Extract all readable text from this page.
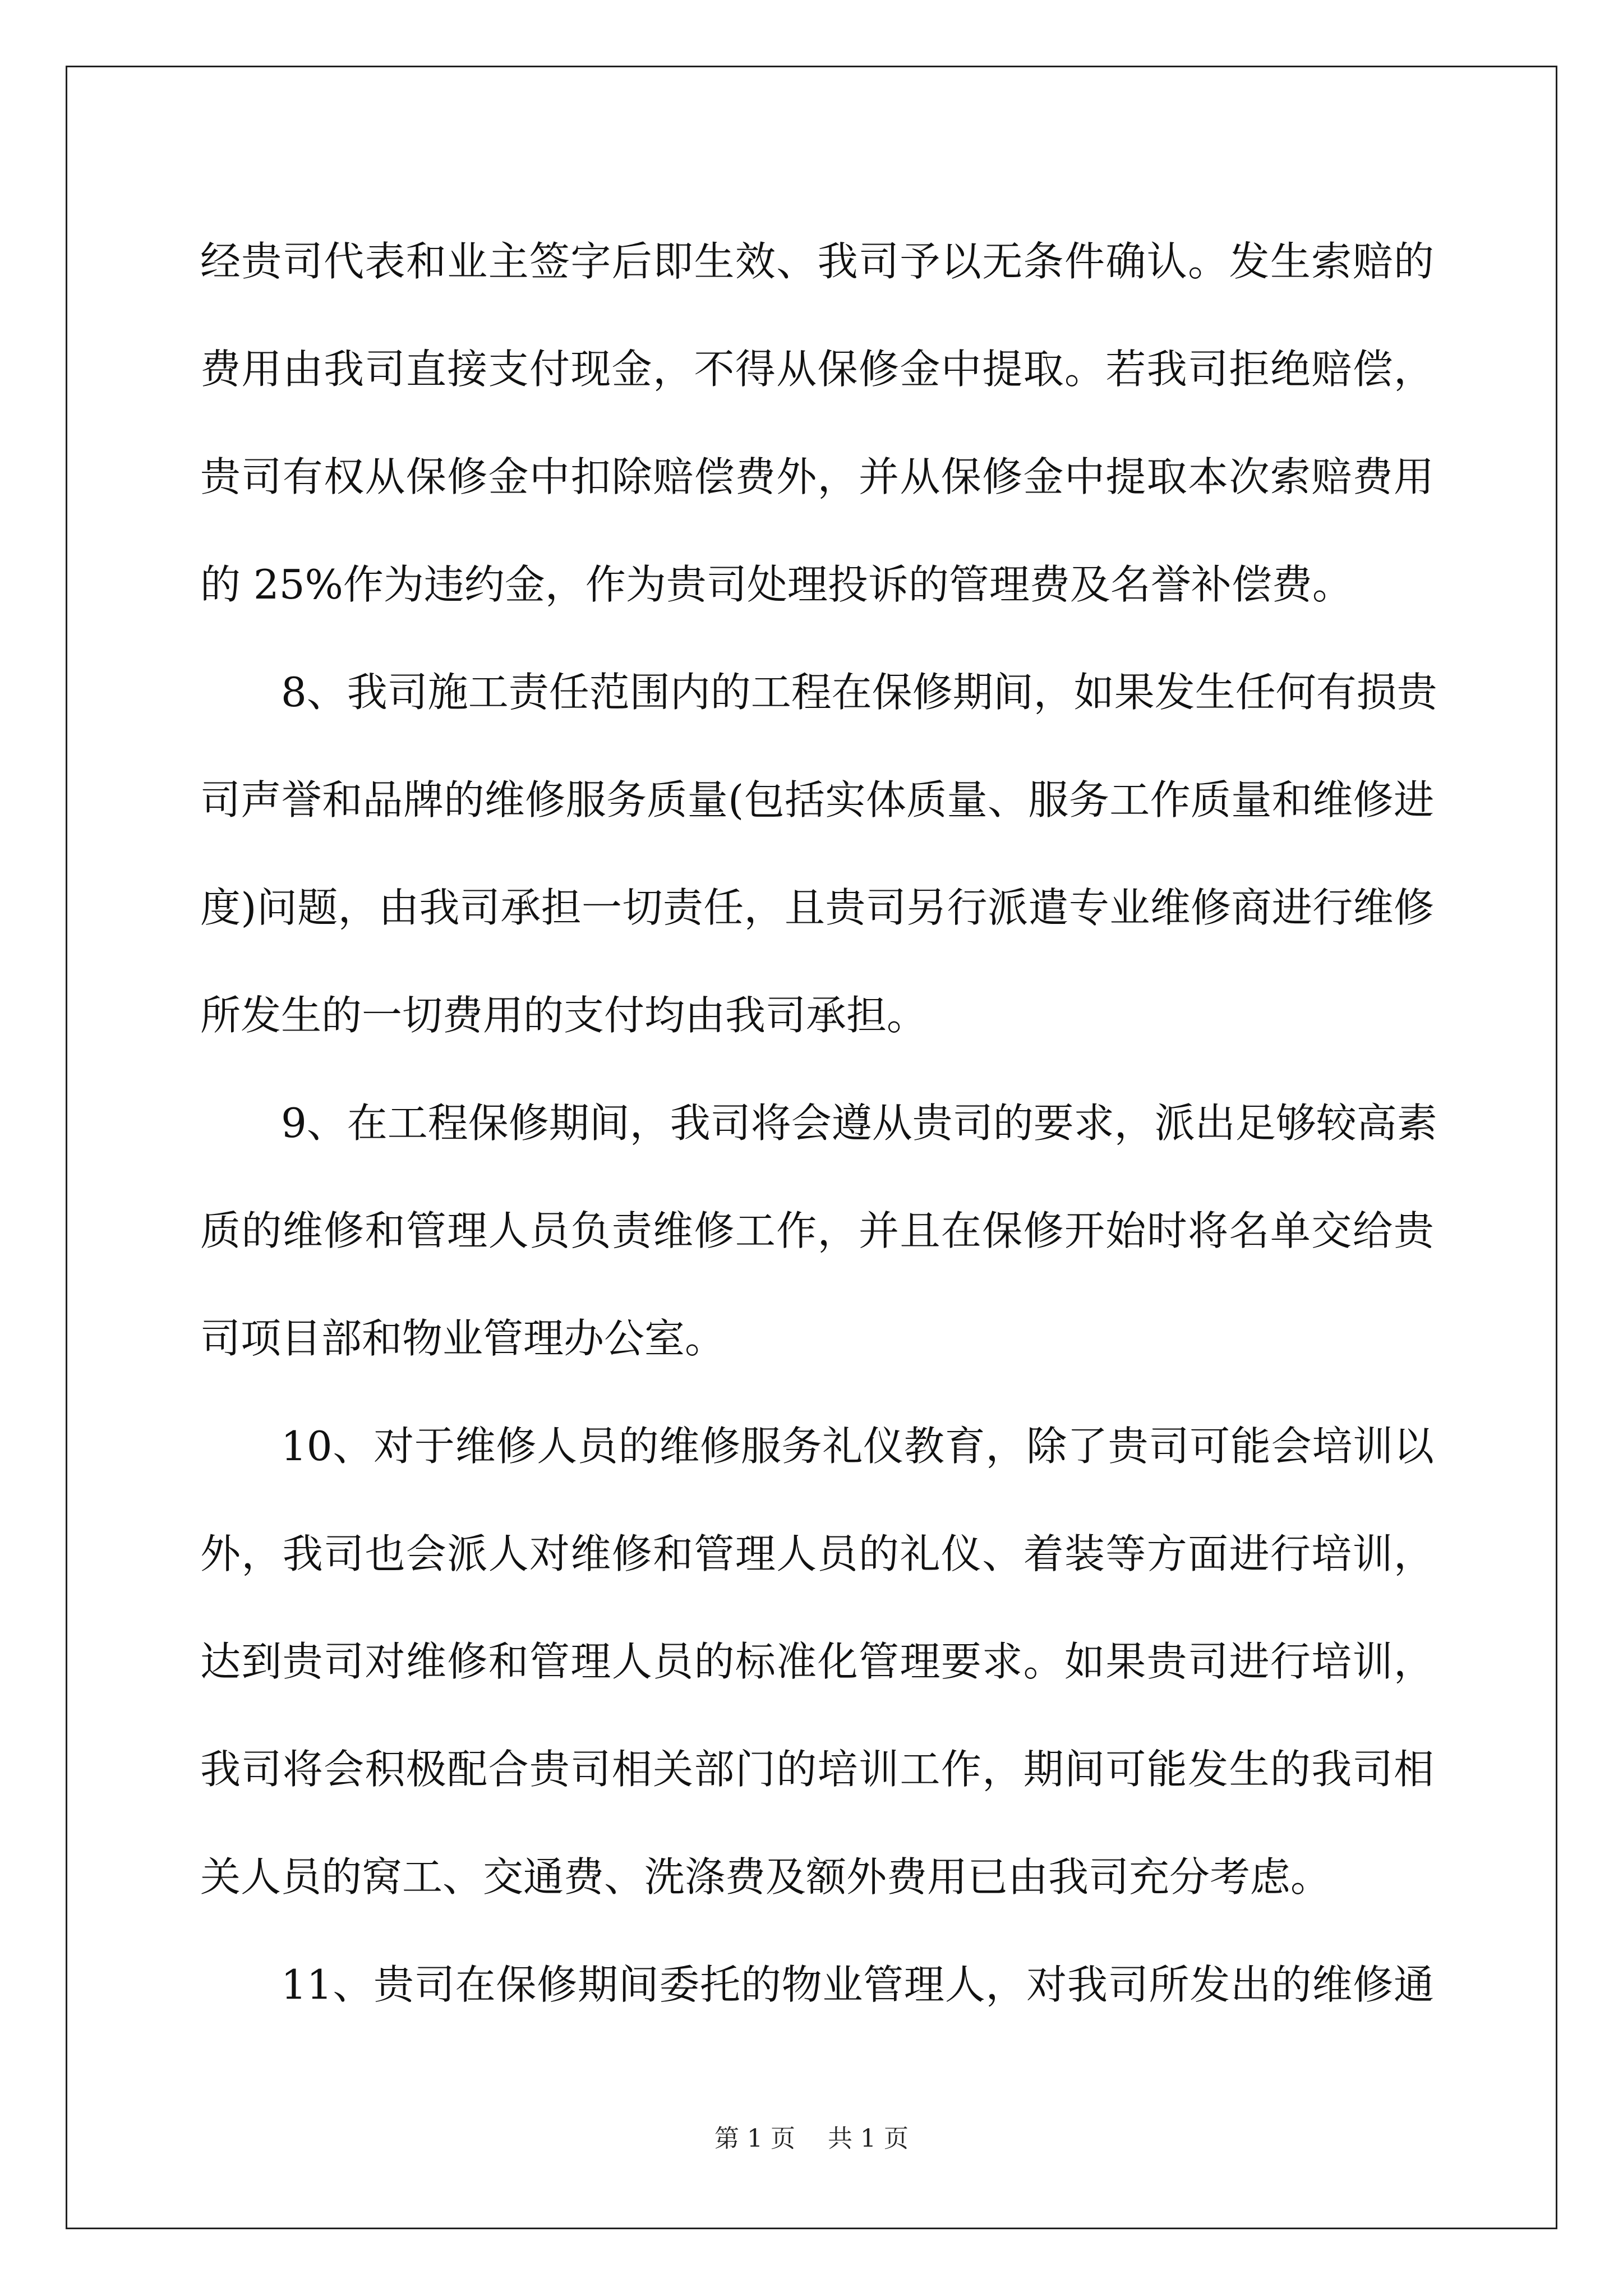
经贵司代表和业主签字后即生效、我司予以无条件确认。发生索赔的
费用由我司直接支付现金，不得从保修金中提取。若我司拒绝赔偿，
贵司有权从保修金中扣除赔偿费外，并从保修金中提取本次索赔费用
的 25%作为违约金，作为贵司处理投诉的管理费及名誉补偿费。
8、我司施工责任范围内的工程在保修期间，如果发生任何有损贵
司声誉和品牌的维修服务质量(包括实体质量、服务工作质量和维修进
度)问题，由我司承担一切责任，且贵司另行派遣专业维修商进行维修
所发生的一切费用的支付均由我司承担。
9、在工程保修期间，我司将会遵从贵司的要求，派出足够较高素
质的维修和管理人员负责维修工作，并且在保修开始时将名单交给贵
司项目部和物业管理办公室。
10、对于维修人员的维修服务礼仪教育，除了贵司可能会培训以
外，我司也会派人对维修和管理人员的礼仪、着装等方面进行培训，
达到贵司对维修和管理人员的标准化管理要求。如果贵司进行培训，
我司将会积极配合贵司相关部门的培训工作，期间可能发生的我司相
关人员的窝工、交通费、洗涤费及额外费用已由我司充分考虑。
11、贵司在保修期间委托的物业管理人，对我司所发出的维修通
第 1 页 共 1 页
